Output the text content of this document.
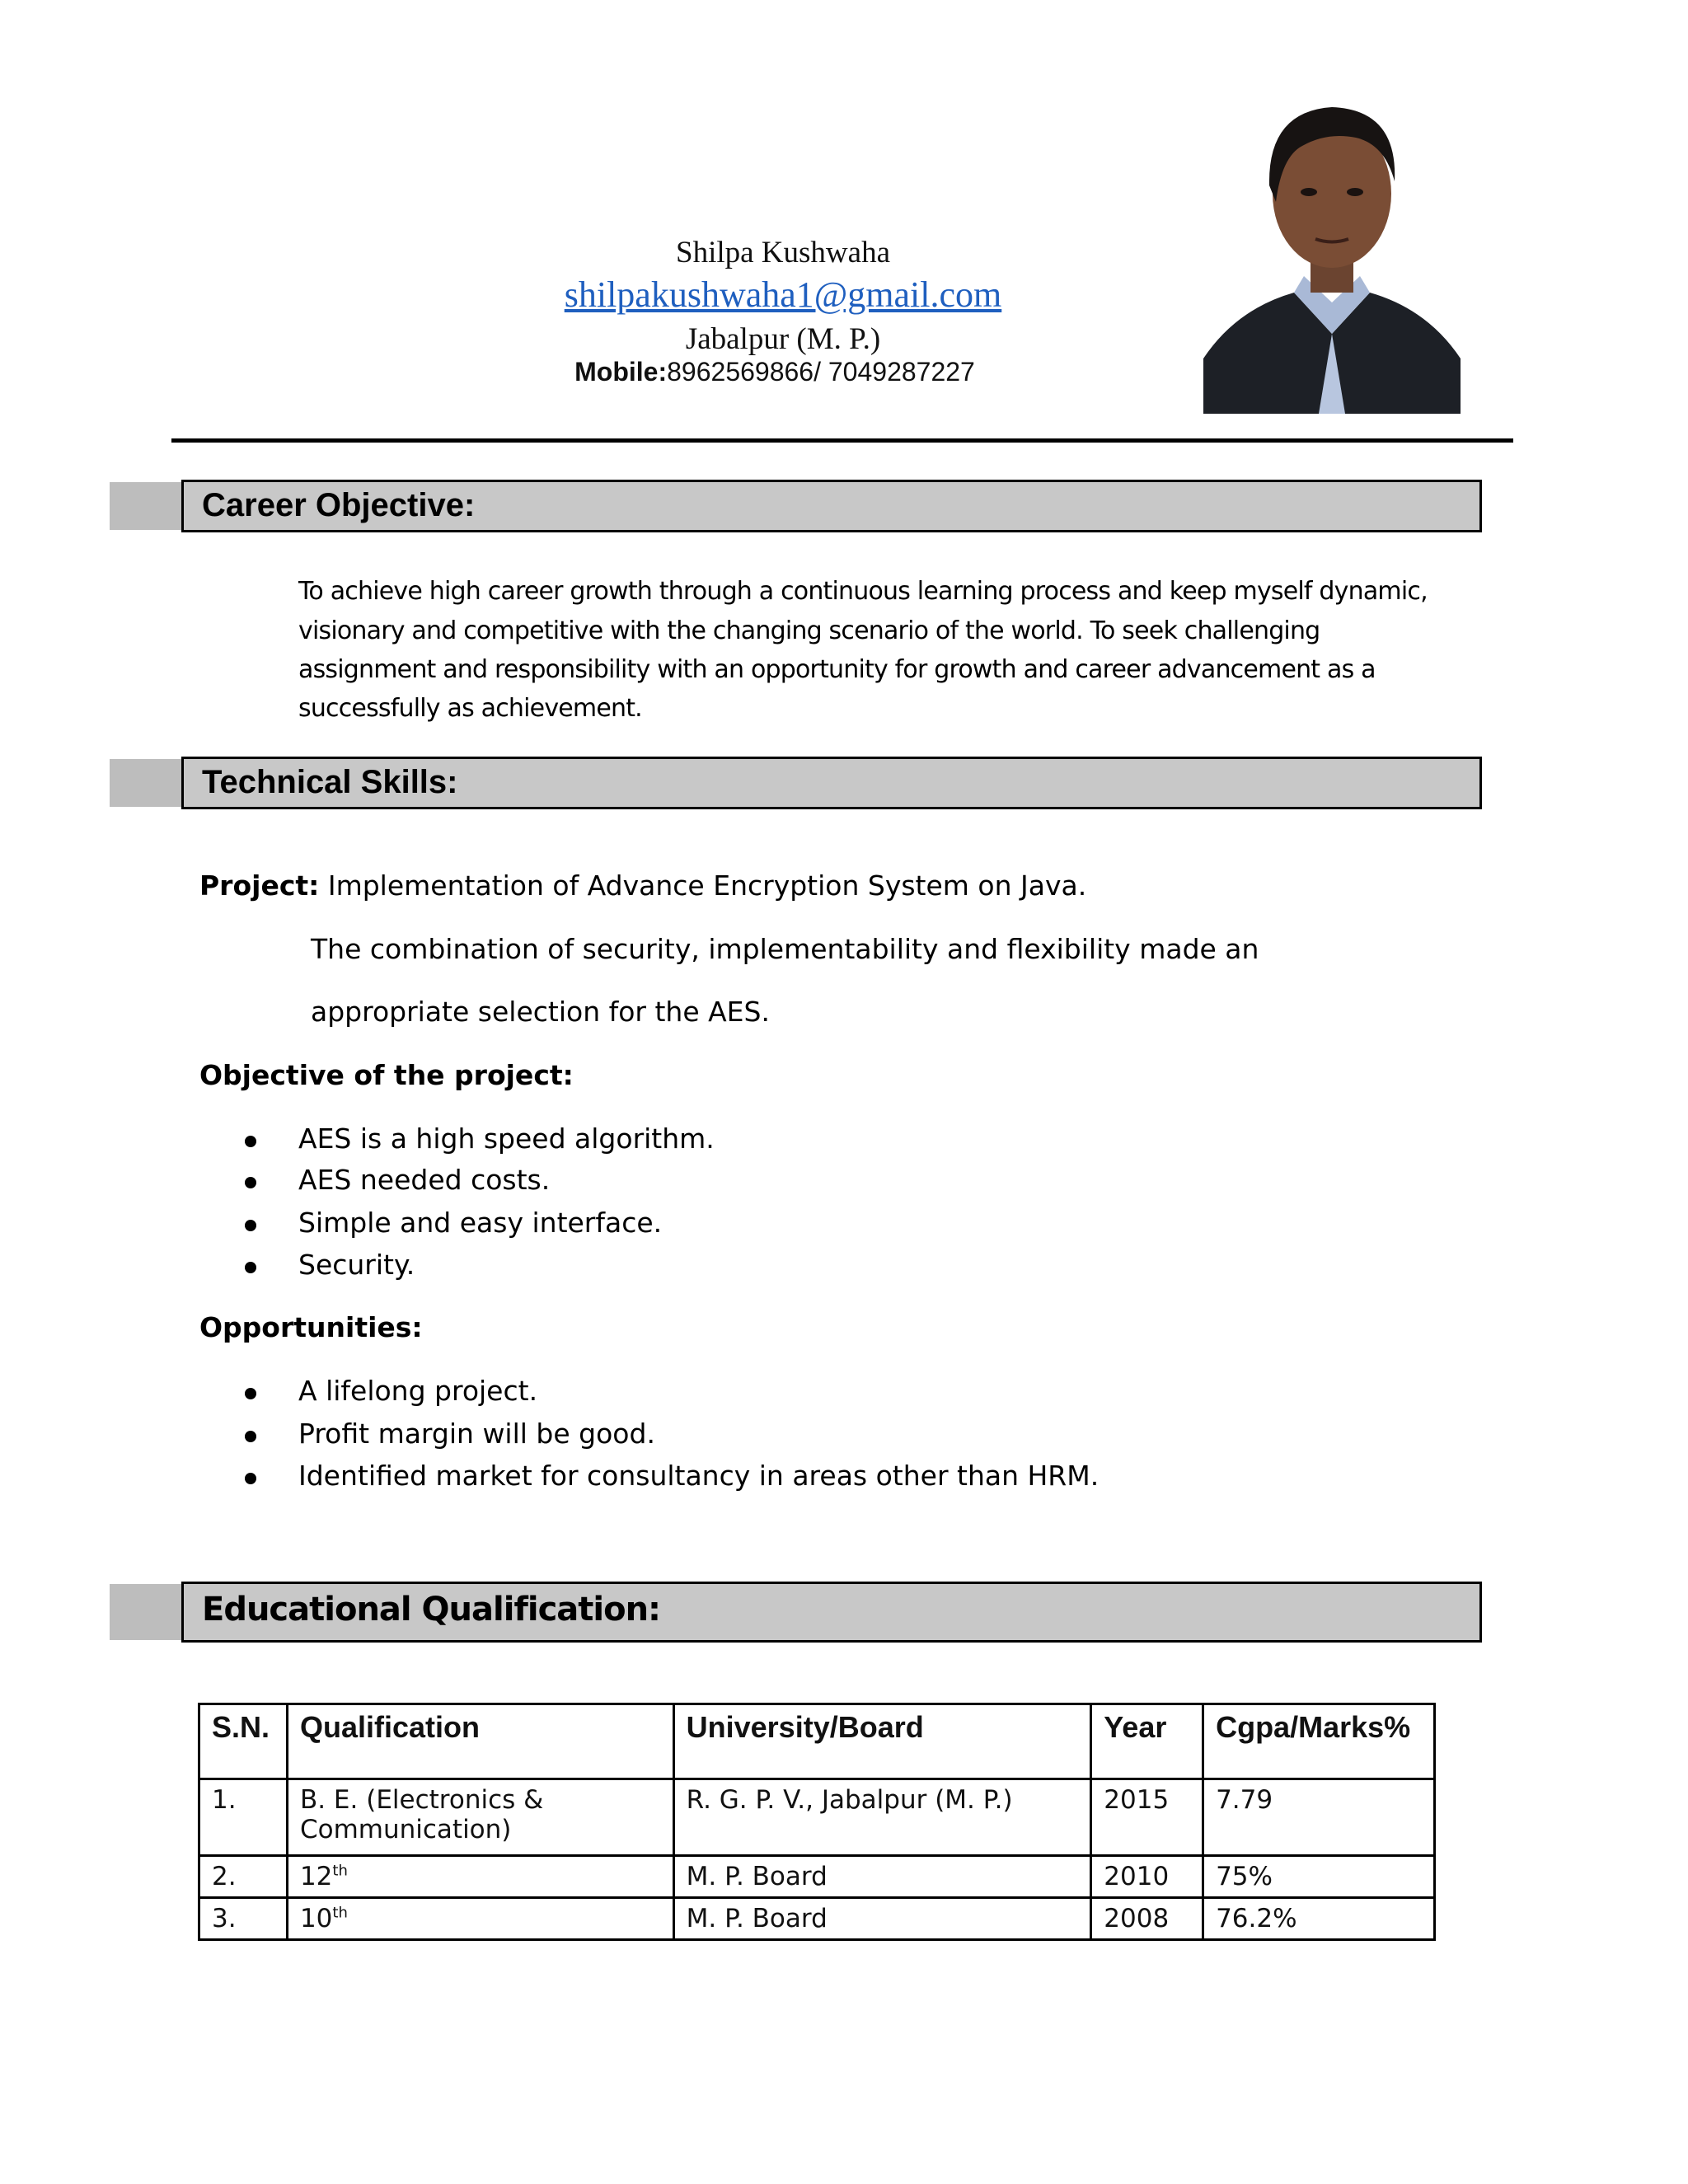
Shilpa Kushwaha
shilpakushwaha1@gmail.com
Jabalpur (M. P.)
Mobile:8962569866/ 7049287227
Career Objective:
To achieve high career growth through a continuous learning process and keep myself dynamic,
visionary and competitive with the changing scenario of the world. To seek challenging
assignment and responsibility with an opportunity for growth and career advancement as a
successfully as achievement.
Technical Skills:
Project: Implementation of Advance Encryption System on Java.
The combination of security, implementability and flexibility made an
appropriate selection for the AES.
Objective of the project:
AES is a high speed algorithm.
AES needed costs.
Simple and easy interface.
Security.
Opportunities:
A lifelong project.
Profit margin will be good.
Identified market for consultancy in areas other than HRM.
Educational Qualification:
S.N.	Qualification	University/Board	Year	Cgpa/Marks%
1.	B. E. (Electronics & Communication)	R. G. P. V., Jabalpur (M. P.)	2015	7.79
2.	12th	M. P. Board	2010	75%
3.	10th	M. P. Board	2008	76.2%
